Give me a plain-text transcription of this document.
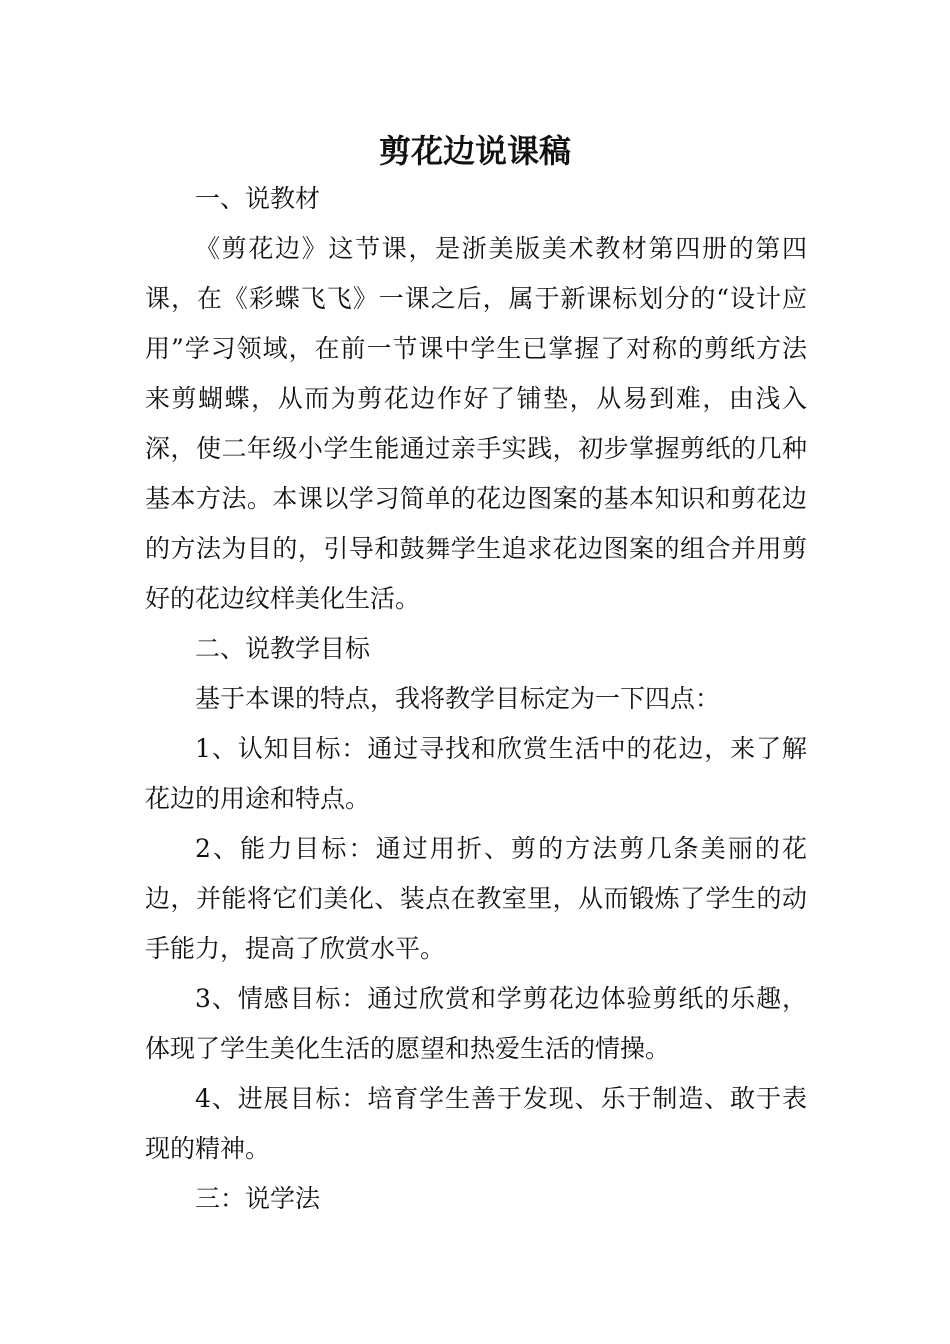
剪花边说课稿

一、说教材

《剪花边》这节课，是浙美版美术教材第四册的第四课，在《彩蝶飞飞》一课之后，属于新课标划分的“设计应用”学习领域，在前一节课中学生已掌握了对称的剪纸方法来剪蝴蝶，从而为剪花边作好了铺垫，从易到难，由浅入深，使二年级小学生能通过亲手实践，初步掌握剪纸的几种基本方法。本课以学习简单的花边图案的基本知识和剪花边的方法为目的，引导和鼓舞学生追求花边图案的组合并用剪好的花边纹样美化生活。

二、说教学目标

基于本课的特点，我将教学目标定为一下四点：

1、认知目标：通过寻找和欣赏生活中的花边，来了解花边的用途和特点。

2、能力目标：通过用折、剪的方法剪几条美丽的花边，并能将它们美化、装点在教室里，从而锻炼了学生的动手能力，提高了欣赏水平。

3、情感目标：通过欣赏和学剪花边体验剪纸的乐趣，体现了学生美化生活的愿望和热爱生活的情操。

4、进展目标：培育学生善于发现、乐于制造、敢于表现的精神。

三：说学法
